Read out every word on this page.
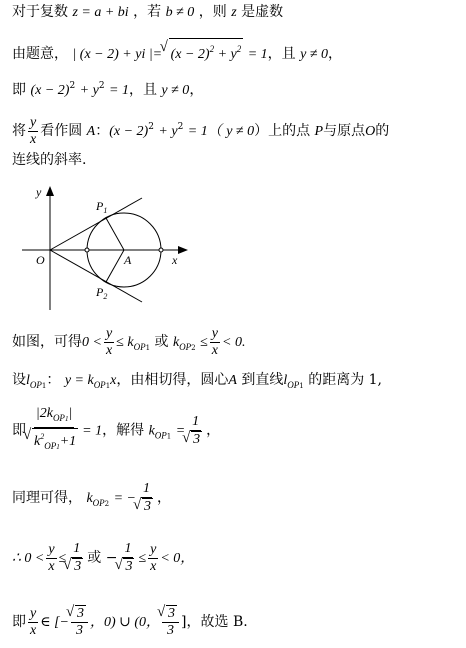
对于复数 z = a + bi ，若 b ≠ 0 ，则 z 是虚数
由题意， | (x − 2) + yi |= √ $(x - 2)^2 + y^2 = 1$，且 y ≠ 0，
即 $(x - 2)^2 + y^2 = 1$，且 y ≠ 0，
将 $\frac{y}{x}$ 看作圆 A：$(x - 2)^2 + y^2 = 1$（ y ≠ 0）上的点 P与原点O的
连线的斜率.
y
x
O	A
$P_1$
$P_2$
如图，可得$0 < \frac{y}{x} \le k_{OP1}$ 或 $k_{OP2} \le \frac{y}{x} < 0$.
设$l_{OP1}$： $y = k_{OP1}x$，由相切得，圆心A 到直线$l_{OP1}$ 的距离为 1,
即 $|2k_{OP1}|$
√ $k^2_{OP1}+1 = 1$，解得 $k_{OP1} = 1$
√ 3 ，
同理可得， $k_{OP2}$ = − 1
√ 3 ，
∴ $0 < \frac{y}{x} \le 1$
√ 3 或 − 1
√ $3 \le \frac{y}{x} < 0$，
即 $\frac{y}{x}$ ∈ [− √ $\frac{3}{3}$ ，0) ∪ (0， √ $\frac{3}{3}$ ]，故选 B.
